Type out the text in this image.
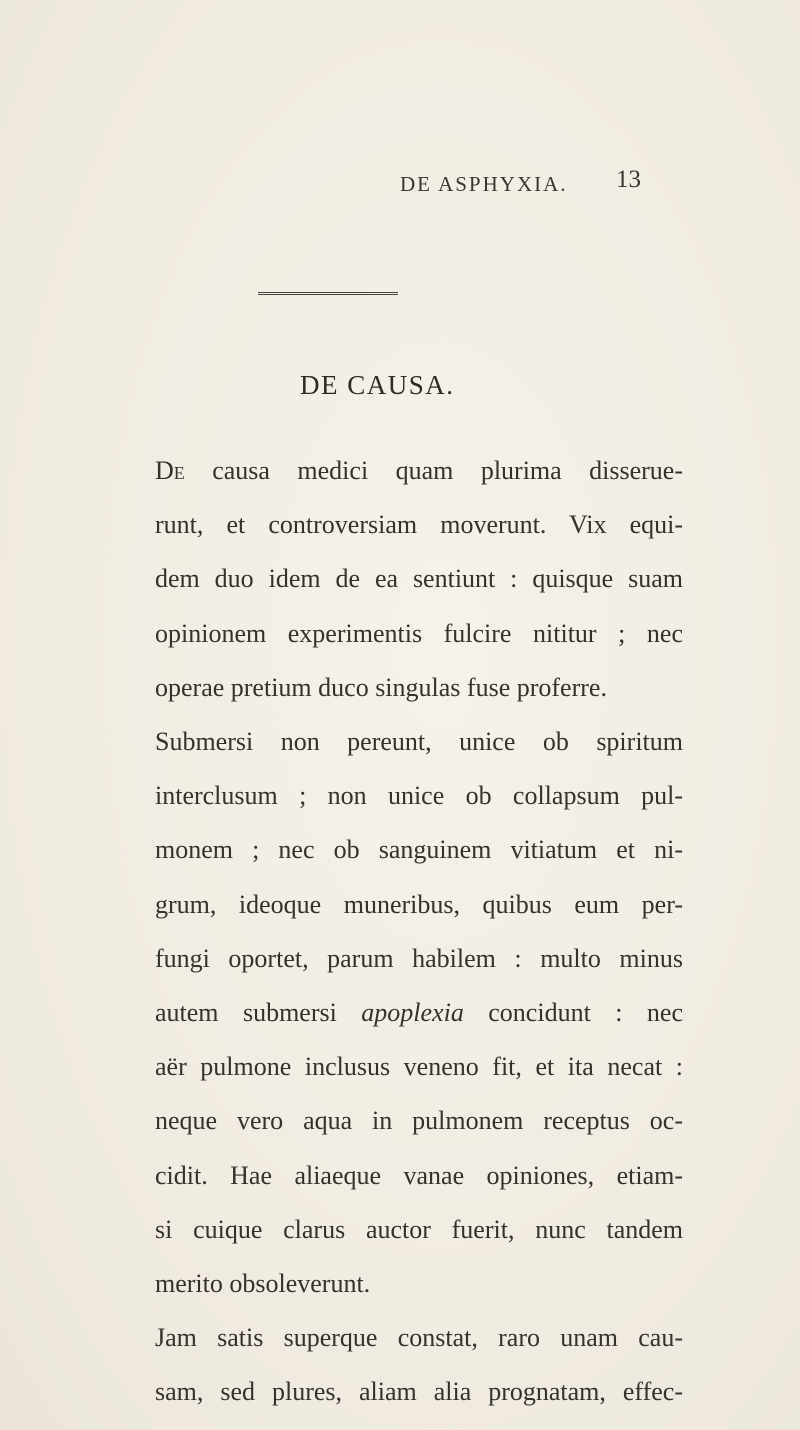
DE ASPHYXIA. 13
DE CAUSA.

De causa medici quam plurima disserue-
runt, et controversiam moverunt. Vix equi-
dem duo idem de ea sentiunt : quisque suam
opinionem experimentis fulcire nititur ; nec
operae pretium duco singulas fuse proferre.

Submersi non pereunt, unice ob spiritum
interclusum ; non unice ob collapsum pul-
monem ; nec ob sanguinem vitiatum et ni-
grum, ideoque muneribus, quibus eum per-
fungi oportet, parum habilem : multo minus
autem submersi apoplexia concidunt : nec
aër pulmone inclusus veneno fit, et ita necat :
neque vero aqua in pulmonem receptus oc-
cidit. Hae aliaeque vanae opiniones, etiam-
si cuique clarus auctor fuerit, nunc tandem
merito obsoleverunt.

Jam satis superque constat, raro unam cau-
sam, sed plures, aliam alia prognatam, effec-
